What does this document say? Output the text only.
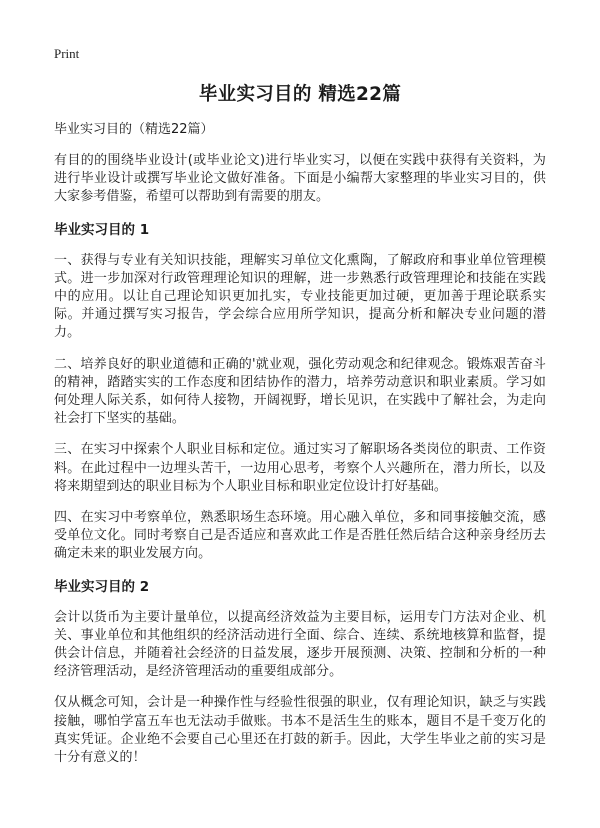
Print
毕业实习目的 精选22篇
毕业实习目的（精选22篇）

有目的的围绕毕业设计(或毕业论文)进行毕业实习，以便在实践中获得有关资料，为进行毕业设计或撰写毕业论文做好准备。下面是小编帮大家整理的毕业实习目的，供大家参考借鉴，希望可以帮助到有需要的朋友。

毕业实习目的 1

一、获得与专业有关知识技能，理解实习单位文化熏陶，了解政府和事业单位管理模式。进一步加深对行政管理理论知识的理解，进一步熟悉行政管理理论和技能在实践中的应用。以让自己理论知识更加扎实，专业技能更加过硬，更加善于理论联系实际。并通过撰写实习报告，学会综合应用所学知识，提高分析和解决专业问题的潜力。

二、培养良好的职业道德和正确的'就业观，强化劳动观念和纪律观念。锻炼艰苦奋斗的精神，踏踏实实的工作态度和团结协作的潜力，培养劳动意识和职业素质。学习如何处理人际关系，如何待人接物，开阔视野，增长见识，在实践中了解社会，为走向社会打下坚实的基础。

三、在实习中探索个人职业目标和定位。通过实习了解职场各类岗位的职责、工作资料。在此过程中一边埋头苦干，一边用心思考，考察个人兴趣所在，潜力所长，以及将来期望到达的职业目标为个人职业目标和职业定位设计打好基础。

四、在实习中考察单位，熟悉职场生态环境。用心融入单位，多和同事接触交流，感受单位文化。同时考察自己是否适应和喜欢此工作是否胜任然后结合这种亲身经历去确定未来的职业发展方向。

毕业实习目的 2

会计以货币为主要计量单位，以提高经济效益为主要目标，运用专门方法对企业、机关、事业单位和其他组织的经济活动进行全面、综合、连续、系统地核算和监督，提供会计信息，并随着社会经济的日益发展，逐步开展预测、决策、控制和分析的一种经济管理活动，是经济管理活动的重要组成部分。

仅从概念可知，会计是一种操作性与经验性很强的职业，仅有理论知识，缺乏与实践接触，哪怕学富五车也无法动手做账。书本不是活生生的账本，题目不是千变万化的真实凭证。企业绝不会要自己心里还在打鼓的新手。因此，大学生毕业之前的实习是十分有意义的！
